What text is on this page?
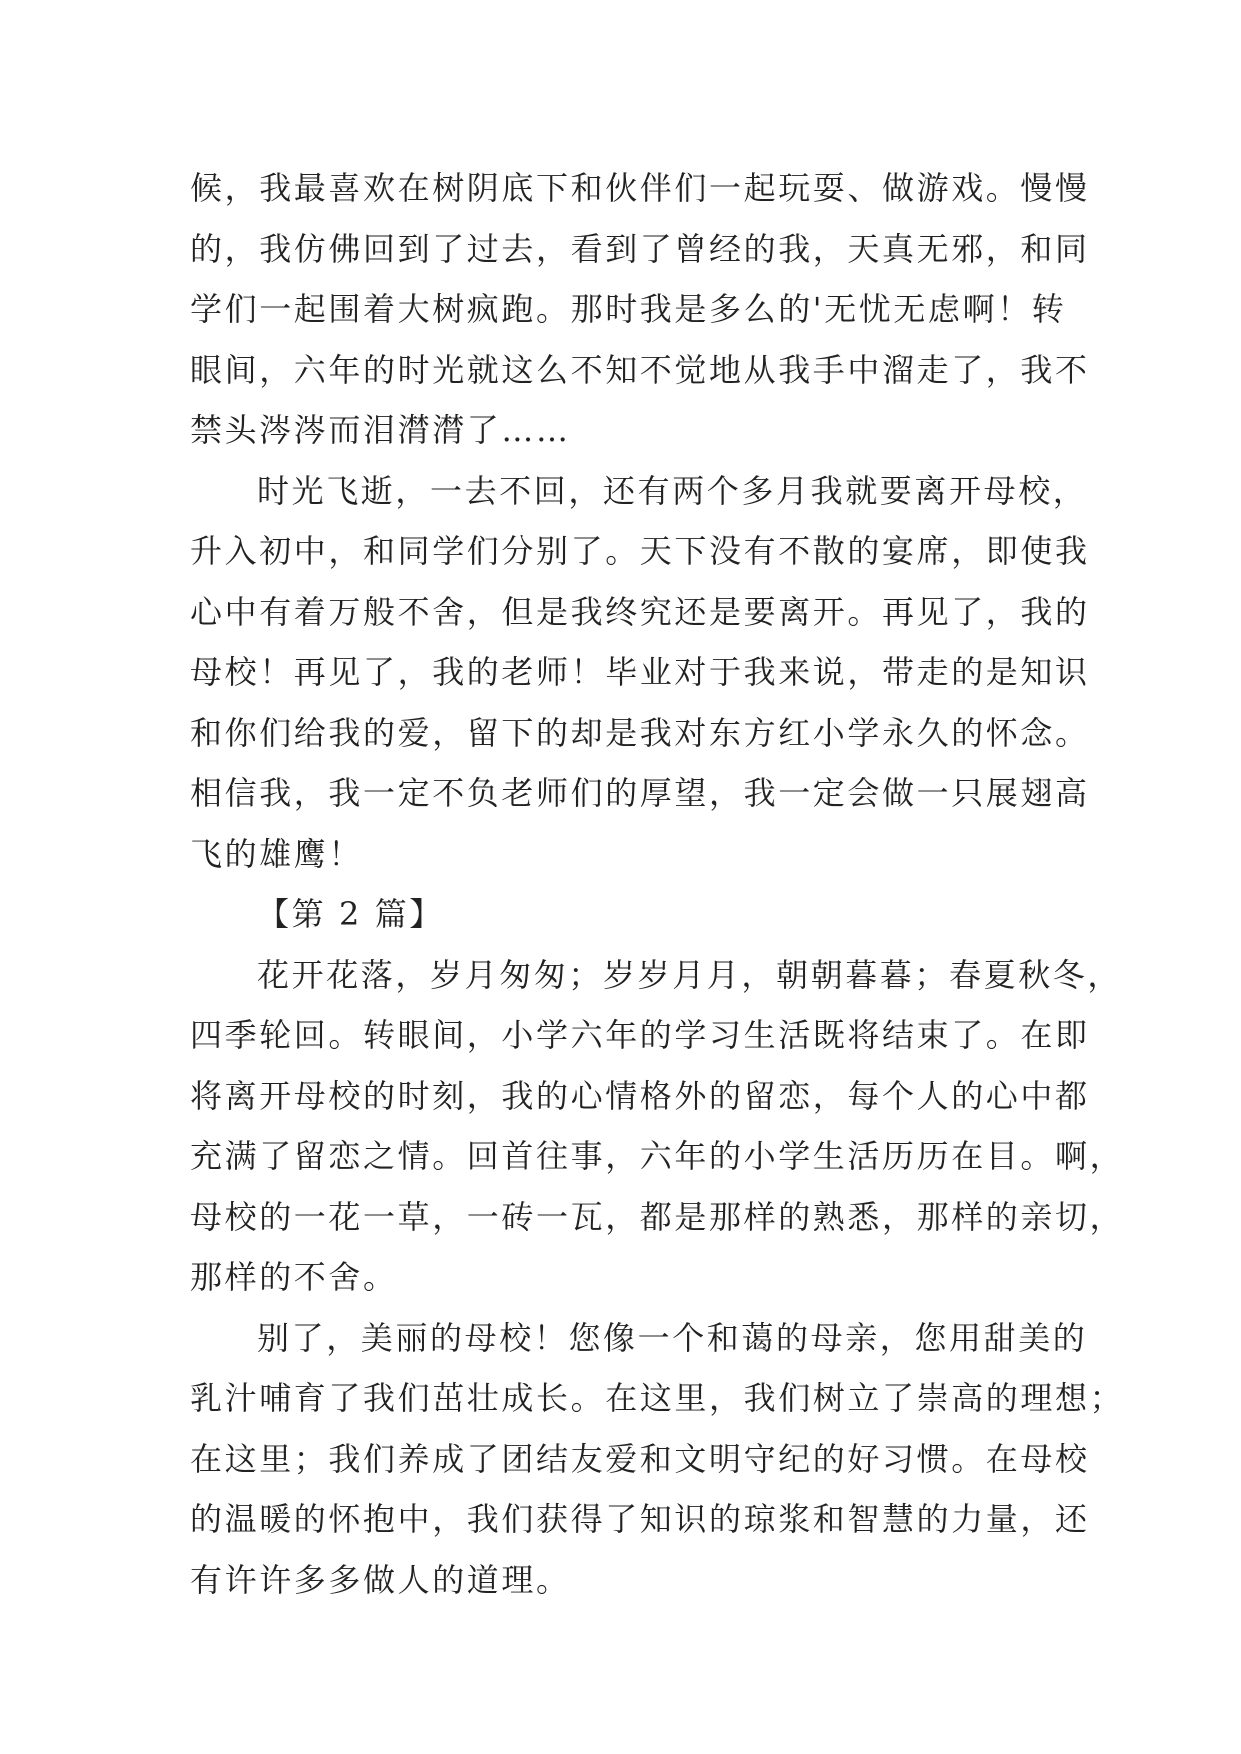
候，我最喜欢在树阴底下和伙伴们一起玩耍、做游戏。慢慢
的，我仿佛回到了过去，看到了曾经的我，天真无邪，和同
学们一起围着大树疯跑。那时我是多么的'无忧无虑啊！转
眼间，六年的时光就这么不知不觉地从我手中溜走了，我不
禁头涔涔而泪潸潸了……
时光飞逝，一去不回，还有两个多月我就要离开母校，
升入初中，和同学们分别了。天下没有不散的宴席，即使我
心中有着万般不舍，但是我终究还是要离开。再见了，我的
母校！再见了，我的老师！毕业对于我来说，带走的是知识
和你们给我的爱，留下的却是我对东方红小学永久的怀念。
相信我，我一定不负老师们的厚望，我一定会做一只展翅高
飞的雄鹰！
【第 2 篇】
花开花落，岁月匆匆；岁岁月月，朝朝暮暮；春夏秋冬，
四季轮回。转眼间，小学六年的学习生活既将结束了。在即
将离开母校的时刻，我的心情格外的留恋，每个人的心中都
充满了留恋之情。回首往事，六年的小学生活历历在目。啊，
母校的一花一草，一砖一瓦，都是那样的熟悉，那样的亲切，
那样的不舍。
别了，美丽的母校！您像一个和蔼的母亲，您用甜美的
乳汁哺育了我们茁壮成长。在这里，我们树立了崇高的理想；
在这里；我们养成了团结友爱和文明守纪的好习惯。在母校
的温暖的怀抱中，我们获得了知识的琼浆和智慧的力量，还
有许许多多做人的道理。
